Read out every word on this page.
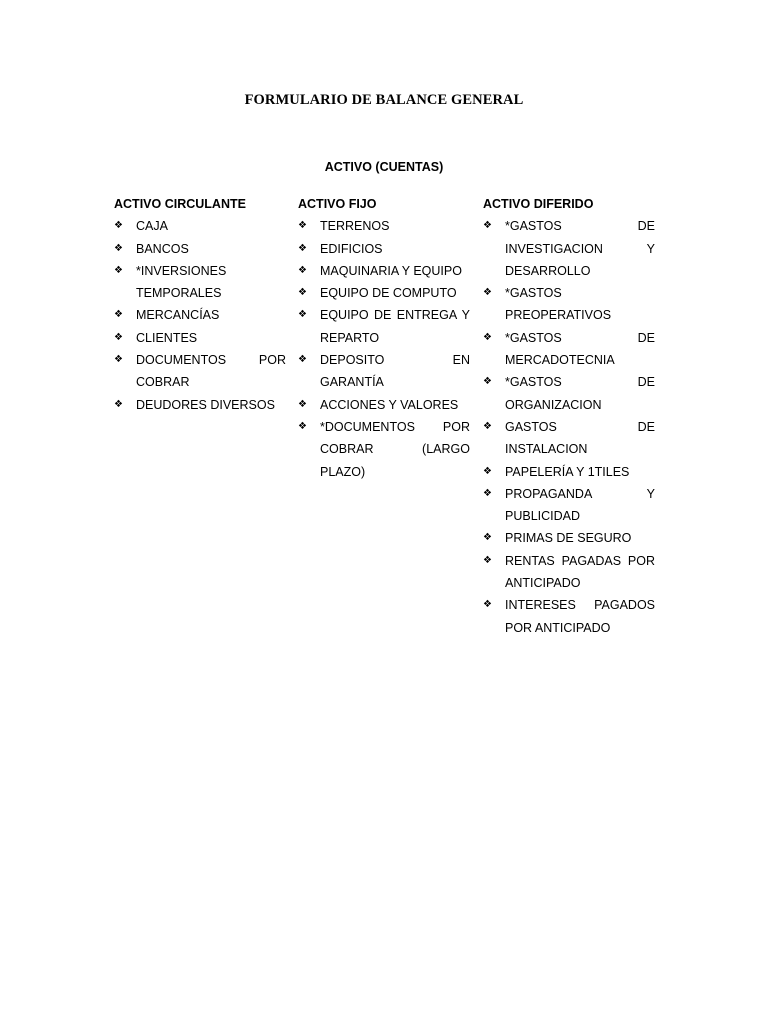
FORMULARIO DE BALANCE GENERAL
ACTIVO (CUENTAS)
ACTIVO CIRCULANTE
❖ CAJA
❖ BANCOS
❖ *INVERSIONES TEMPORALES
❖ MERCANCÍAS
❖ CLIENTES
❖ DOCUMENTOS POR COBRAR
❖ DEUDORES DIVERSOS
ACTIVO FIJO
❖ TERRENOS
❖ EDIFICIOS
❖ MAQUINARIA Y EQUIPO
❖ EQUIPO DE COMPUTO
❖ EQUIPO DE ENTREGA Y REPARTO
❖ DEPOSITO EN GARANTÍA
❖ ACCIONES Y VALORES
❖ *DOCUMENTOS POR COBRAR (LARGO PLAZO)
ACTIVO DIFERIDO
❖ *GASTOS DE INVESTIGACION Y DESARROLLO
❖ *GASTOS PREOPERATIVOS
❖ *GASTOS DE MERCADOTECNIA
❖ *GASTOS DE ORGANIZACION
❖ GASTOS DE INSTALACION
❖ PAPELERÍA Y 1TILES
❖ PROPAGANDA Y PUBLICIDAD
❖ PRIMAS DE SEGURO
❖ RENTAS PAGADAS POR ANTICIPADO
❖ INTERESES PAGADOS POR ANTICIPADO
